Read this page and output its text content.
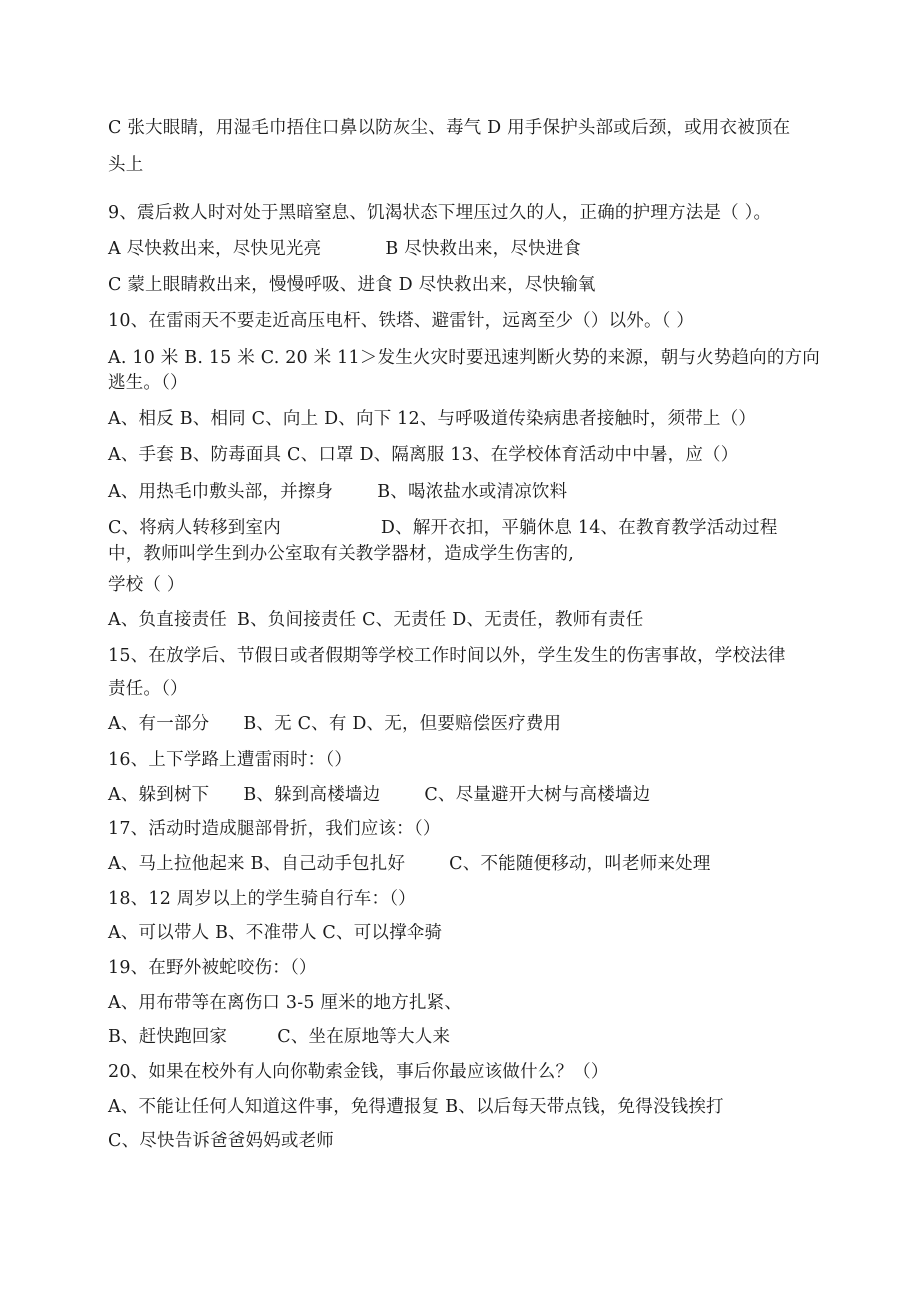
C 张大眼睛，用湿毛巾捂住口鼻以防灰尘、毒气 D 用手保护头部或后颈，或用衣被顶在
头上
9、震后救人时对处于黑暗窒息、饥渴状态下埋压过久的人，正确的护理方法是（ ）。
A 尽快救出来，尽快见光亮	B 尽快救出来，尽快进食
C 蒙上眼睛救出来，慢慢呼吸、进食 D 尽快救出来，尽快输氧
10、在雷雨天不要走近高压电杆、铁塔、避雷针，远离至少（）以外。（ ）
A. 10 米 B. 15 米 C. 20 米 11＞发生火灾时要迅速判断火势的来源，朝与火势趋向的方向
逃生。（）
A、相反 B、相同 C、向上 D、向下 12、与呼吸道传染病患者接触时，须带上（）
A、手套 B、防毒面具 C、口罩 D、隔离服 13、在学校体育活动中中暑，应（）
A、用热毛巾敷头部，并擦身	B、喝浓盐水或清凉饮料
C、将病人转移到室内	D、解开衣扣，平躺休息 14、在教育教学活动过程
中，教师叫学生到办公室取有关教学器材，造成学生伤害的,
学校（ ）
A、负直接责任 B、负间接责任 C、无责任 D、无责任，教师有责任
15、在放学后、节假日或者假期等学校工作时间以外，学生发生的伤害事故，学校法律
责任。（）
A、有一部分 B、无 C、有 D、无，但要赔偿医疗费用
16、上下学路上遭雷雨时：（）
A、躲到树下 B、躲到高楼墙边	C、尽量避开大树与高楼墙边
17、活动时造成腿部骨折，我们应该：（）
A、马上拉他起来 B、自己动手包扎好	C、不能随便移动，叫老师来处理
18、12 周岁以上的学生骑自行车：（）
A、可以带人 B、不准带人 C、可以撑伞骑
19、在野外被蛇咬伤：（）
A、用布带等在离伤口 3-5 厘米的地方扎紧、
B、赶快跑回家	C、坐在原地等大人来
20、如果在校外有人向你勒索金钱，事后你最应该做什么？（）
A、不能让任何人知道这件事，免得遭报复 B、以后每天带点钱，免得没钱挨打
C、尽快告诉爸爸妈妈或老师
